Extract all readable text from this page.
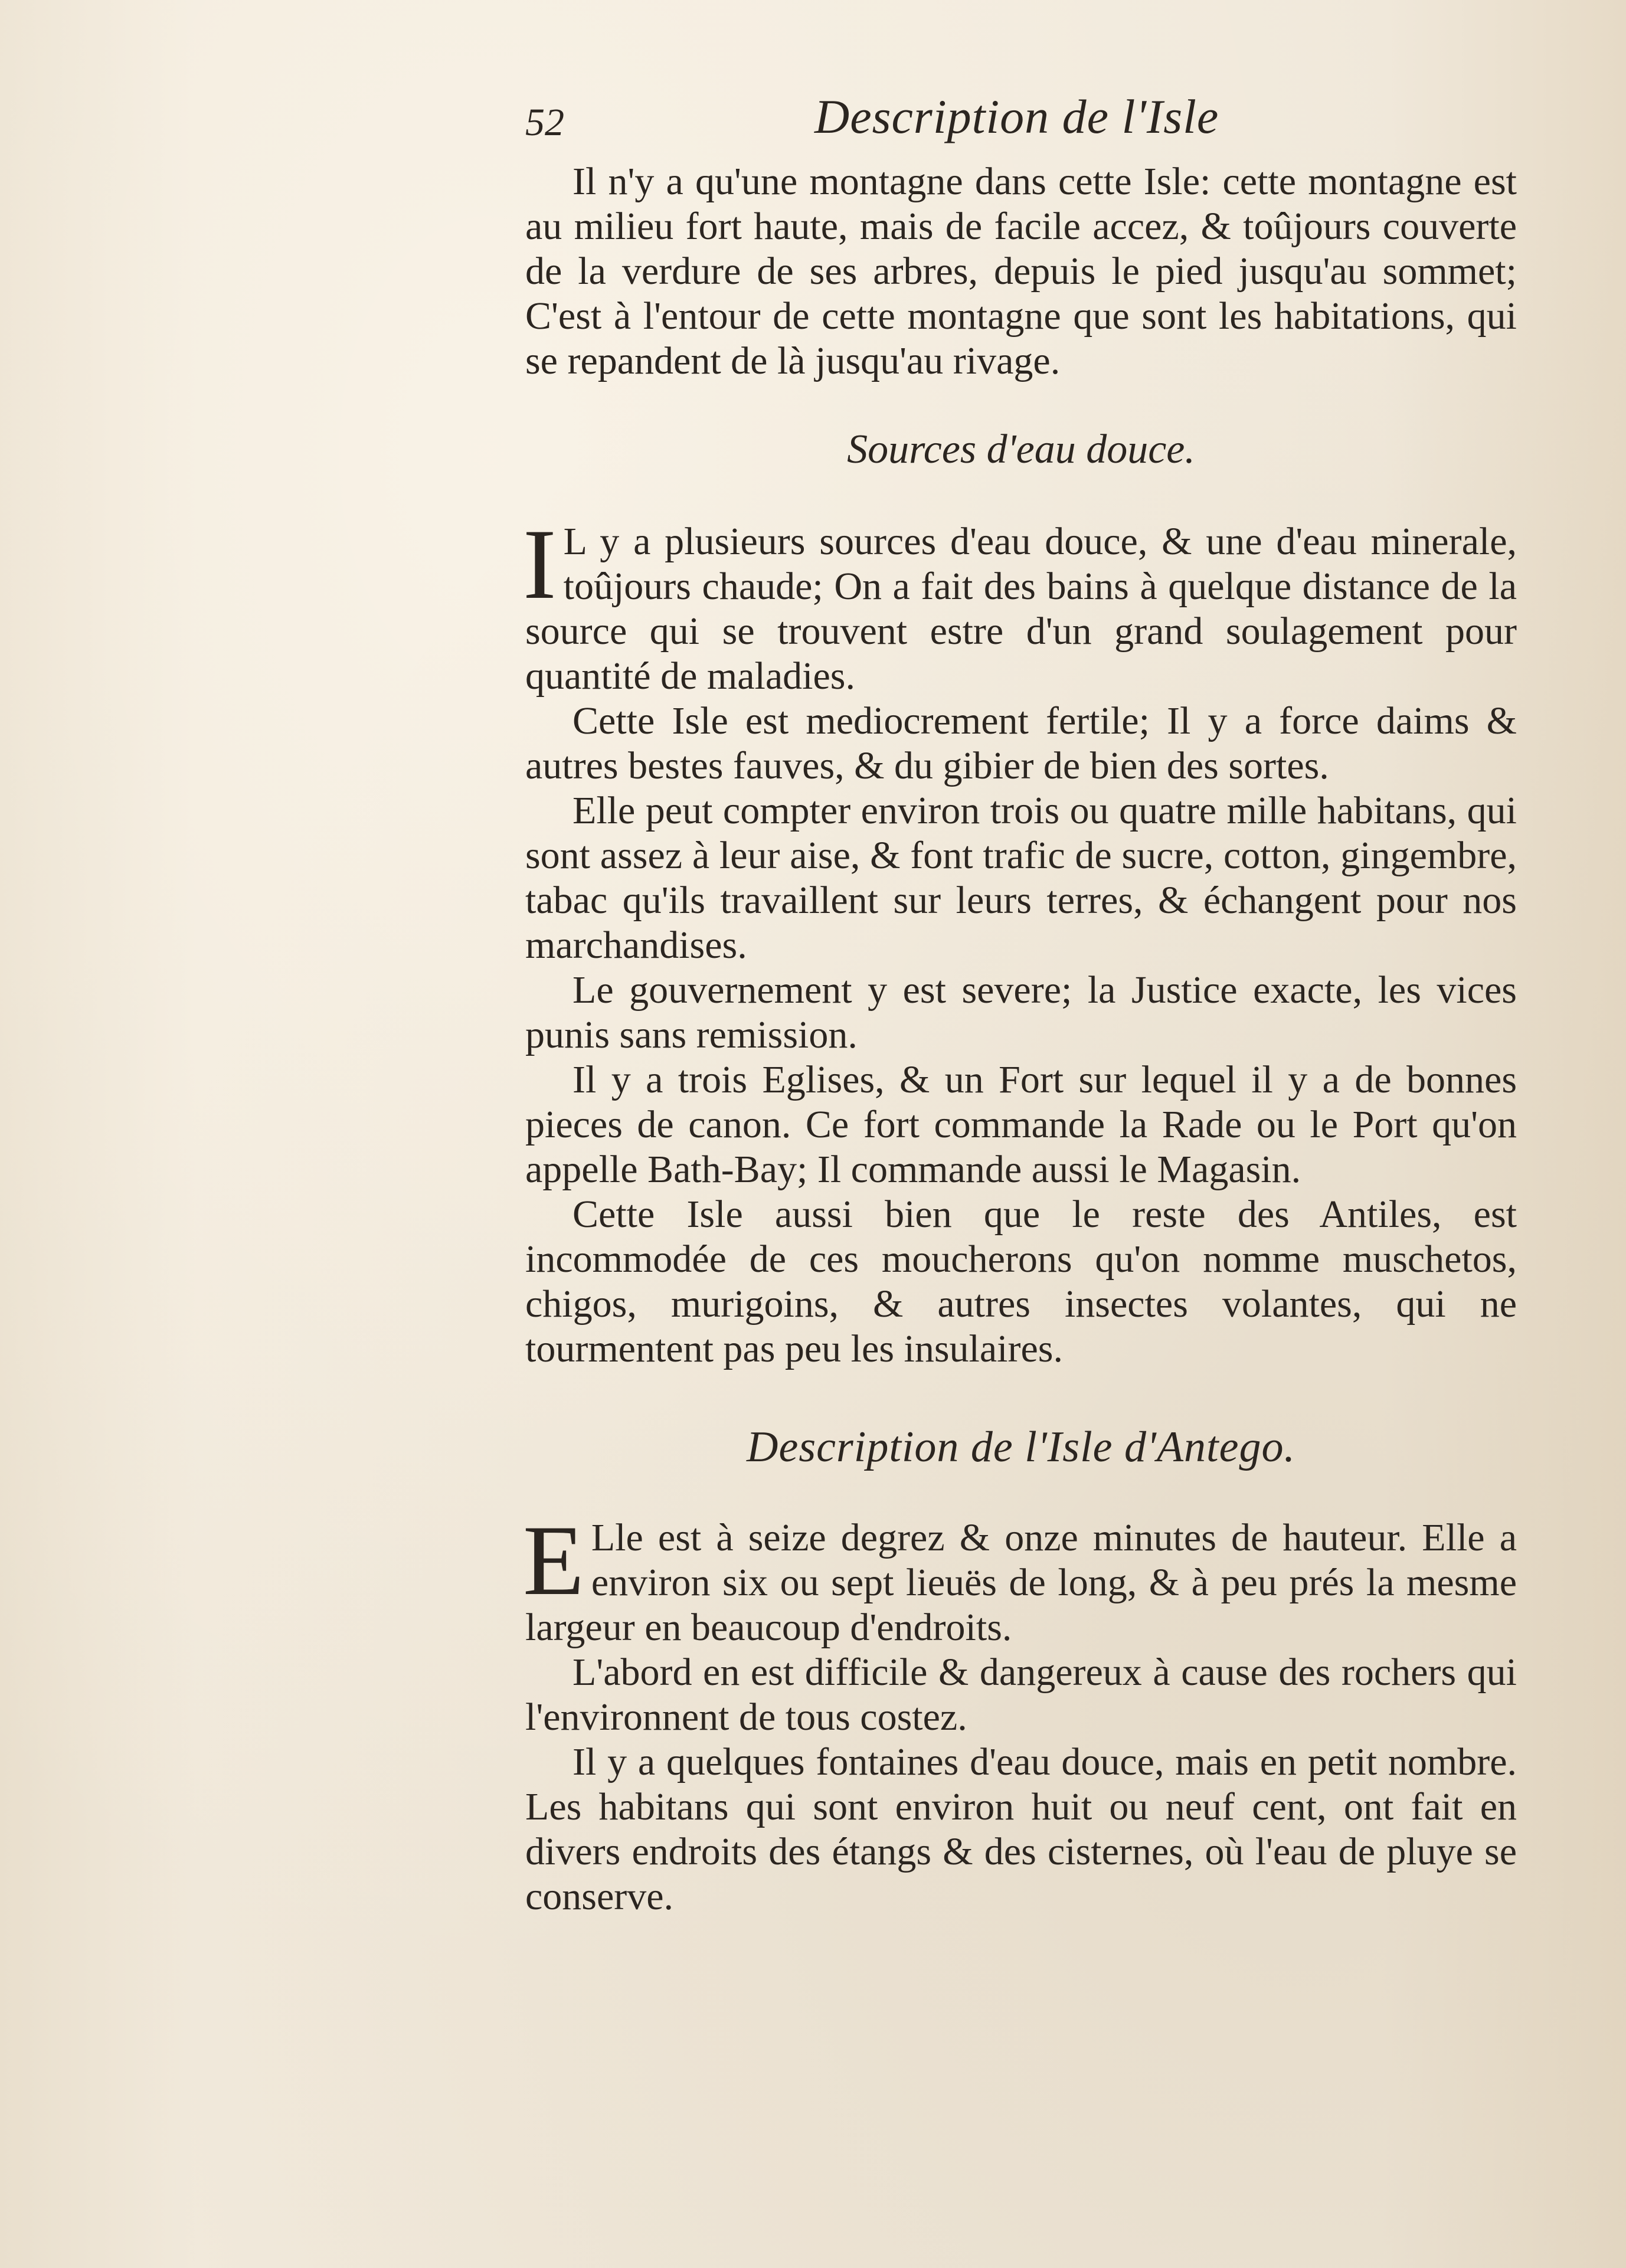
52	Description de l'Isle

Il n'y a qu'une montagne dans cette Isle: cette montagne est au milieu fort haute, mais de facile accez, & toûjours couverte de la verdure de ses arbres, depuis le pied jusqu'au sommet; C'est à l'entour de cette montagne que sont les habitations, qui se repandent de là jusqu'au rivage.

Sources d'eau douce.

I L y a plusieurs sources d'eau douce, & une d'eau minerale, toûjours chaude; On a fait des bains à quelque distance de la source qui se trouvent estre d'un grand soulagement pour quantité de maladies.

Cette Isle est mediocrement fertile; Il y a force daims & autres bestes fauves, & du gibier de bien des sortes.

Elle peut compter environ trois ou quatre mille habitans, qui sont assez à leur aise, & font trafic de sucre, cotton, gingembre, tabac qu'ils travaillent sur leurs terres, & échangent pour nos marchandises.

Le gouvernement y est severe; la Justice exacte, les vices punis sans remission.

Il y a trois Eglises, & un Fort sur lequel il y a de bonnes pieces de canon. Ce fort commande la Rade ou le Port qu'on appelle Bath-Bay; Il commande aussi le Magasin.

Cette Isle aussi bien que le reste des Antiles, est incommodée de ces moucherons qu'on nomme muschetos, chigos, murigoins, & autres insectes volantes, qui ne tourmentent pas peu les insulaires.

Description de l'Isle d'Antego.

E Lle est à seize degrez & onze minutes de hauteur. Elle a environ six ou sept lieuës de long, & à peu prés la mesme largeur en beaucoup d'endroits.

L'abord en est difficile & dangereux à cause des rochers qui l'environnent de tous costez.

Il y a quelques fontaines d'eau douce, mais en petit nombre. Les habitans qui sont environ huit ou neuf cent, ont fait en divers endroits des étangs & des cisternes, où l'eau de pluye se conserve.
